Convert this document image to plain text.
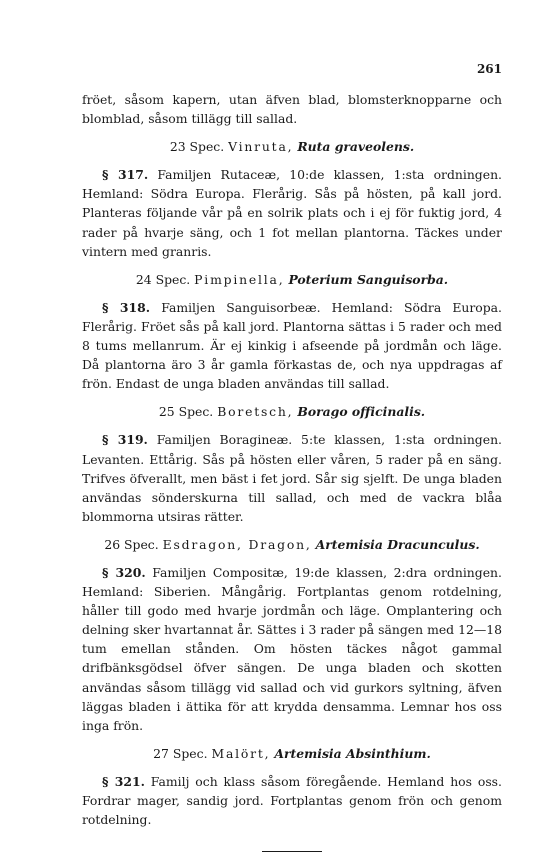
261

fröet, såsom kapern, utan äfven blad, blomsterknopparne och blomblad, såsom tillägg till sallad.

23 Spec. Vinruta, Ruta graveolens.

§ 317. Familjen Rutaceæ, 10:de klassen, 1:sta ordningen. Hemland: Södra Europa. Flerårig. Sås på hösten, på kall jord. Planteras följande vår på en solrik plats och i ej för fuktig jord, 4 rader på hvarje säng, och 1 fot mellan plantorna. Täckes under vintern med granris.

24 Spec. Pimpinella, Poterium Sanguisorba.

§ 318. Familjen Sanguisorbeæ. Hemland: Södra Europa. Flerårig. Fröet sås på kall jord. Plantorna sättas i 5 rader och med 8 tums mellanrum. Är ej kinkig i afseende på jordmån och läge. Då plantorna äro 3 år gamla förkastas de, och nya uppdragas af frön. Endast de unga bladen användas till sallad.

25 Spec. Boretsch, Borago officinalis.

§ 319. Familjen Boragineæ. 5:te klassen, 1:sta ordningen. Levanten. Ettårig. Sås på hösten eller våren, 5 rader på en säng. Trifves öfverallt, men bäst i fet jord. Sår sig sjelft. De unga bladen användas sönderskurna till sallad, och med de vackra blåa blommorna utsiras rätter.

26 Spec. Esdragon, Dragon, Artemisia Dracunculus.

§ 320. Familjen Compositæ, 19:de klassen, 2:dra ordningen. Hemland: Siberien. Mångårig. Fortplantas genom rotdelning, håller till godo med hvarje jordmån och läge. Omplantering och delning sker hvartannat år. Sättes i 3 rader på sängen med 12—18 tum emellan stånden. Om hösten täckes något gammal drifbänksgödsel öfver sängen. De unga bladen och skotten användas såsom tillägg vid sallad och vid gurkors syltning, äfven läggas bladen i ättika för att krydda densamma. Lemnar hos oss inga frön.

27 Spec. Malört, Artemisia Absinthium.

§ 321. Familj och klass såsom föregående. Hemland hos oss. Fordrar mager, sandig jord. Fortplantas genom frön och genom rotdelning.
